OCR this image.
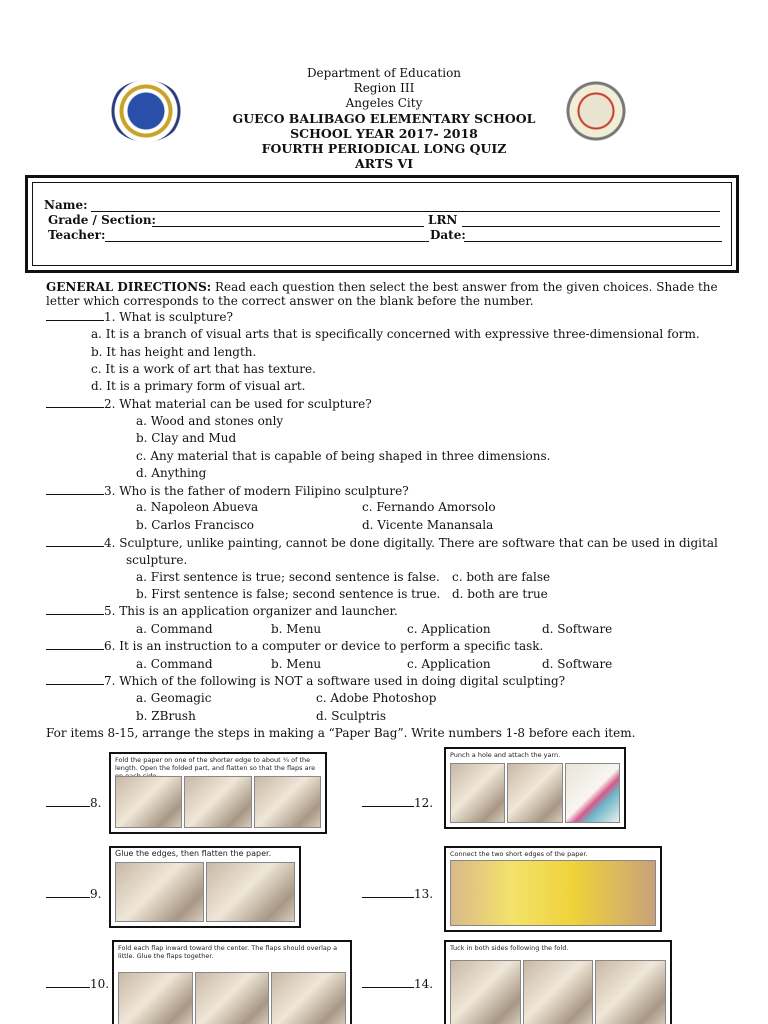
Department of Education
Region III
Angeles City
GUECO BALIBAGO ELEMENTARY SCHOOL
SCHOOL YEAR 2017- 2018
FOURTH PERIODICAL LONG QUIZ
ARTS VI
Name:
Grade / Section:	LRN
Teacher:	Date:
GENERAL DIRECTIONS: Read each question then select the best answer from the given choices. Shade the
letter which corresponds to the correct answer on the blank before the number.
1. What is sculpture?
a. It is a branch of visual arts that is specifically concerned with expressive three-dimensional form.
b. It has height and length.
c. It is a work of art that has texture.
d. It is a primary form of visual art.
2. What material can be used for sculpture?
a. Wood and stones only
b. Clay and Mud
c. Any material that is capable of being shaped in three dimensions.
d. Anything
3. Who is the father of modern Filipino sculpture?
a. Napoleon Abueva	c. Fernando Amorsolo
b. Carlos Francisco	d. Vicente Manansala
4. Sculpture, unlike painting, cannot be done digitally. There are software that can be used in digital
sculpture.
a. First sentence is true; second sentence is false. c. both are false
b. First sentence is false; second sentence is true. d. both are true
5. This is an application organizer and launcher.
a. Command	b. Menu	c. Application	d. Software
6. It is an instruction to a computer or device to perform a specific task.
a. Command	b. Menu	c. Application	d. Software
7. Which of the following is NOT a software used in doing digital sculpting?
a. Geomagic	c. Adobe Photoshop
b. ZBrush	d. Sculptris
For items 8-15, arrange the steps in making a “Paper Bag”. Write numbers 1-8 before each item.
8.	12.
9.	13.
10.	14.
Fold the paper on one of the shorter edge to about ¼ of the length. Open the folded part, and flatten so that the flaps are
Punch a hole and attach the yarn.
Glue the edges, then flatten the paper.	Connect the two short edges of the paper.
Fold each flap inward toward the center. The flaps should overlap a little. Glue the flaps together.
Tuck in both sides following the fold.
